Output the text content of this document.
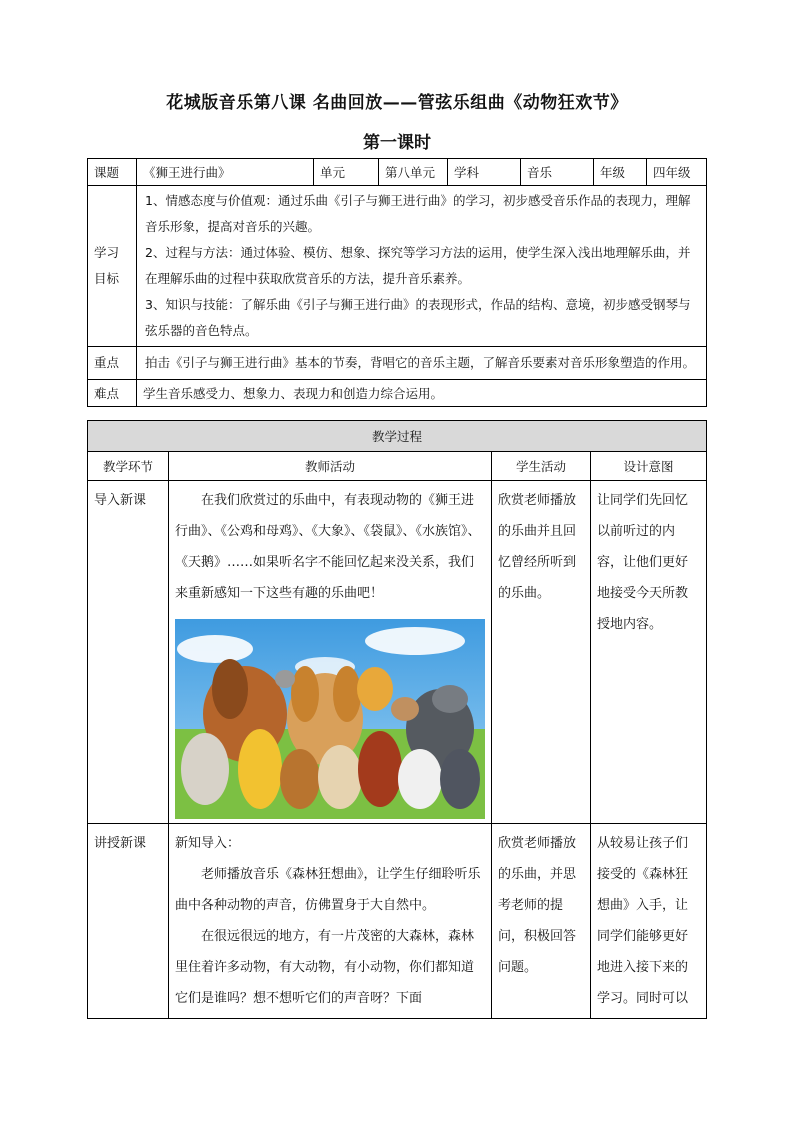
花城版音乐第八课 名曲回放——管弦乐组曲《动物狂欢节》
第一课时
课题	《狮王进行曲》	单元	第八单元	学科	音乐	年级	四年级
学习目标	1、情感态度与价值观：通过乐曲《引子与狮王进行曲》的学习，初步感受音乐作品的表现力，理解音乐形象，提高对音乐的兴趣。
2、过程与方法：通过体验、模仿、想象、探究等学习方法的运用，使学生深入浅出地理解乐曲，并在理解乐曲的过程中获取欣赏音乐的方法，提升音乐素养。
3、知识与技能：了解乐曲《引子与狮王进行曲》的表现形式，作品的结构、意境，初步感受钢琴与弦乐器的音色特点。						

重点	拍击《引子与狮王进行曲》基本的节奏，背唱它的音乐主题，了解音乐要素对音乐形象塑造的作用。						
难点	学生音乐感受力、想象力、表现力和创造力综合运用。						
教学过程			
教学环节	教师活动	学生活动	设计意图
导入新课	在我们欣赏过的乐曲中，有表现动物的《狮王进行曲》、《公鸡和母鸡》、《大象》、《袋鼠》、《水族馆》、《天鹅》……如果听名字不能回忆起来没关系，我们来重新感知一下这些有趣的乐曲吧！	欣赏老师播放的乐曲并且回忆曾经所听到的乐曲。	让同学们先回忆以前听过的内容，让他们更好地接受今天所教授地内容。
讲授新课	新知导入：
老师播放音乐《森林狂想曲》，让学生仔细聆听乐曲中各种动物的声音，仿佛置身于大自然中。
在很远很远的地方，有一片茂密的大森林，森林里住着许多动物，有大动物，有小动物，你们都知道它们是谁吗？想不想听它们的声音呀？下面	欣赏老师播放的乐曲，并思考老师的提问，积极回答问题。	从较易让孩子们接受的《森林狂想曲》入手，让同学们能够更好地进入接下来的学习。同时可以
